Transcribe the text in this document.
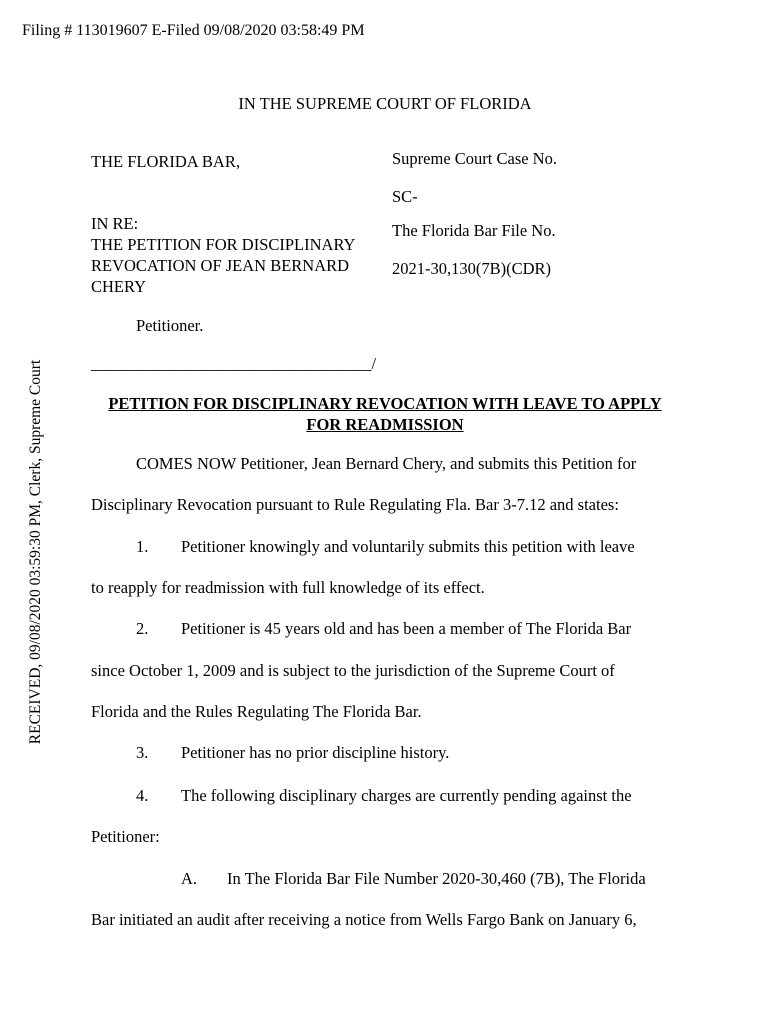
Filing # 113019607 E-Filed 09/08/2020 03:58:49 PM
RECEIVED, 09/08/2020 03:59:30 PM, Clerk, Supreme Court
IN THE SUPREME COURT OF FLORIDA
THE FLORIDA BAR,
IN RE:
THE PETITION FOR DISCIPLINARY
REVOCATION OF JEAN BERNARD
CHERY
Petitioner.
__________________________________/
Supreme Court Case No.
SC-
The Florida Bar File No.
2021-30,130(7B)(CDR)
PETITION FOR DISCIPLINARY REVOCATION WITH LEAVE TO APPLY FOR READMISSION
COMES NOW Petitioner, Jean Bernard Chery, and submits this Petition for
Disciplinary Revocation pursuant to Rule Regulating Fla. Bar 3-7.12 and states:
1. Petitioner knowingly and voluntarily submits this petition with leave
to reapply for readmission with full knowledge of its effect.
2. Petitioner is 45 years old and has been a member of The Florida Bar
since October 1, 2009 and is subject to the jurisdiction of the Supreme Court of
Florida and the Rules Regulating The Florida Bar.
3. Petitioner has no prior discipline history.
4. The following disciplinary charges are currently pending against the
Petitioner:
A. In The Florida Bar File Number 2020-30,460 (7B), The Florida
Bar initiated an audit after receiving a notice from Wells Fargo Bank on January 6,
